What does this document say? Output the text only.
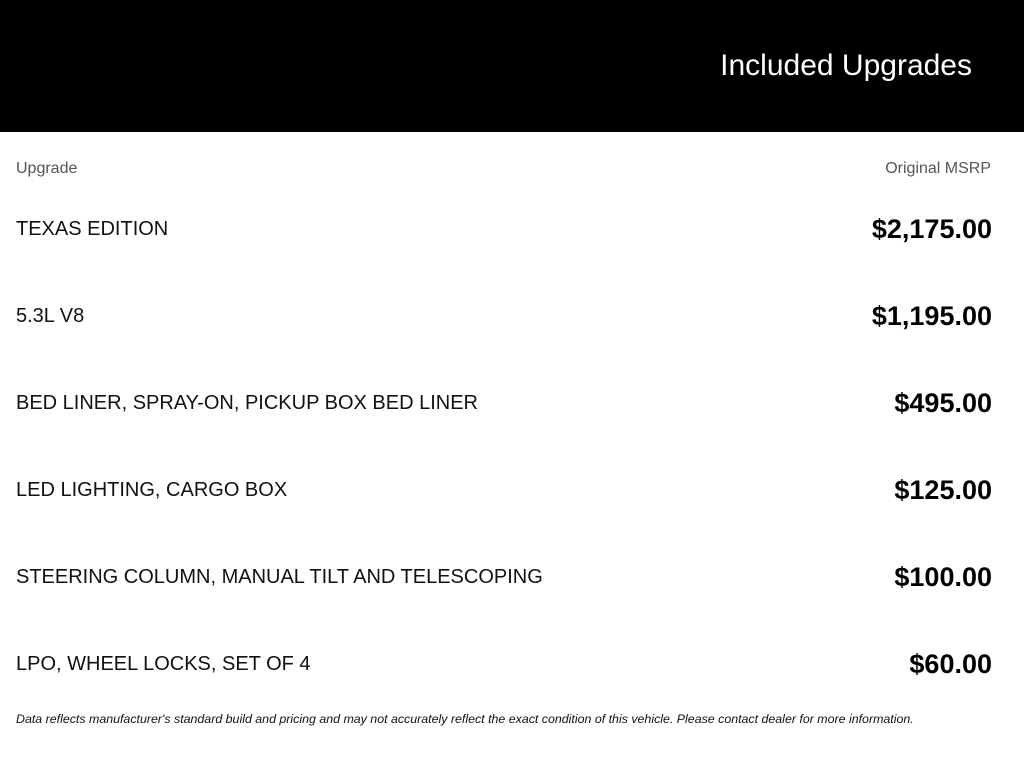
Included Upgrades
Upgrade	Original MSRP
TEXAS EDITION	$2,175.00
5.3L V8	$1,195.00
BED LINER, SPRAY-ON, PICKUP BOX BED LINER	$495.00
LED LIGHTING, CARGO BOX	$125.00
STEERING COLUMN, MANUAL TILT AND TELESCOPING	$100.00
LPO, WHEEL LOCKS, SET OF 4	$60.00
Data reflects manufacturer's standard build and pricing and may not accurately reflect the exact condition of this vehicle. Please contact dealer for more information.
